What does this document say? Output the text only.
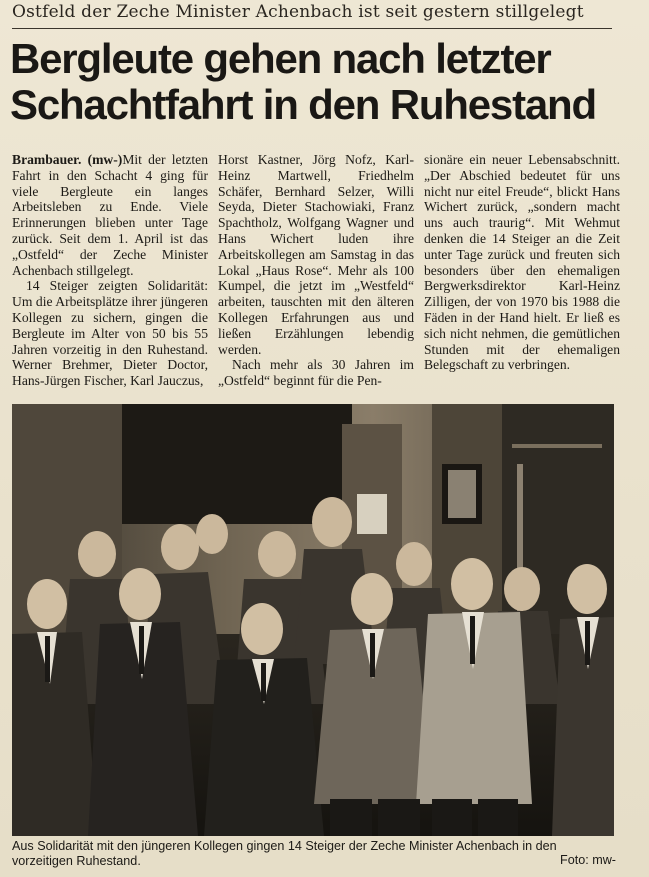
Ostfeld der Zeche Minister Achenbach ist seit gestern stillgelegt
Bergleute gehen nach letzter
Schachtfahrt in den Ruhestand

Brambauer. (mw-)Mit der letzten Fahrt in den Schacht 4 ging für viele Bergleute ein langes Arbeitsleben zu Ende. Viele Erinnerungen blieben unter Tage zurück. Seit dem 1. April ist das „Ostfeld“ der Zeche Minister Achenbach stillgelegt.

14 Steiger zeigten Solidarität: Um die Arbeitsplätze ihrer jüngeren Kollegen zu sichern, gingen die Bergleute im Alter von 50 bis 55 Jahren vorzeitig in den Ruhestand. Werner Brehmer, Dieter Doctor, Hans-Jürgen Fischer, Karl Jauczus,

Horst Kastner, Jörg Nofz, Karl-Heinz Martwell, Friedhelm Schäfer, Bernhard Selzer, Willi Seyda, Dieter Stachowiaki, Franz Spachtholz, Wolfgang Wagner und Hans Wichert luden ihre Arbeitskollegen am Samstag in das Lokal „Haus Rose“. Mehr als 100 Kumpel, die jetzt im „Westfeld“ arbeiten, tauschten mit den älteren Kollegen Erfahrungen aus und ließen Erzählungen lebendig werden.

Nach mehr als 30 Jahren im „Ostfeld“ beginnt für die Pen-

sionäre ein neuer Lebensabschnitt. „Der Abschied bedeutet für uns nicht nur eitel Freude“, blickt Hans Wichert zurück, „sondern macht uns auch traurig“. Mit Wehmut denken die 14 Steiger an die Zeit unter Tage zurück und freuten sich besonders über den ehemaligen Bergwerksdirektor Karl-Heinz Zilligen, der von 1970 bis 1988 die Fäden in der Hand hielt. Er ließ es sich nicht nehmen, die gemütlichen Stunden mit der ehemaligen Belegschaft zu verbringen.

Aus Solidarität mit den jüngeren Kollegen gingen 14 Steiger der Zeche Minister Achenbach in den vorzeitigen Ruhestand.	Foto: mw-
